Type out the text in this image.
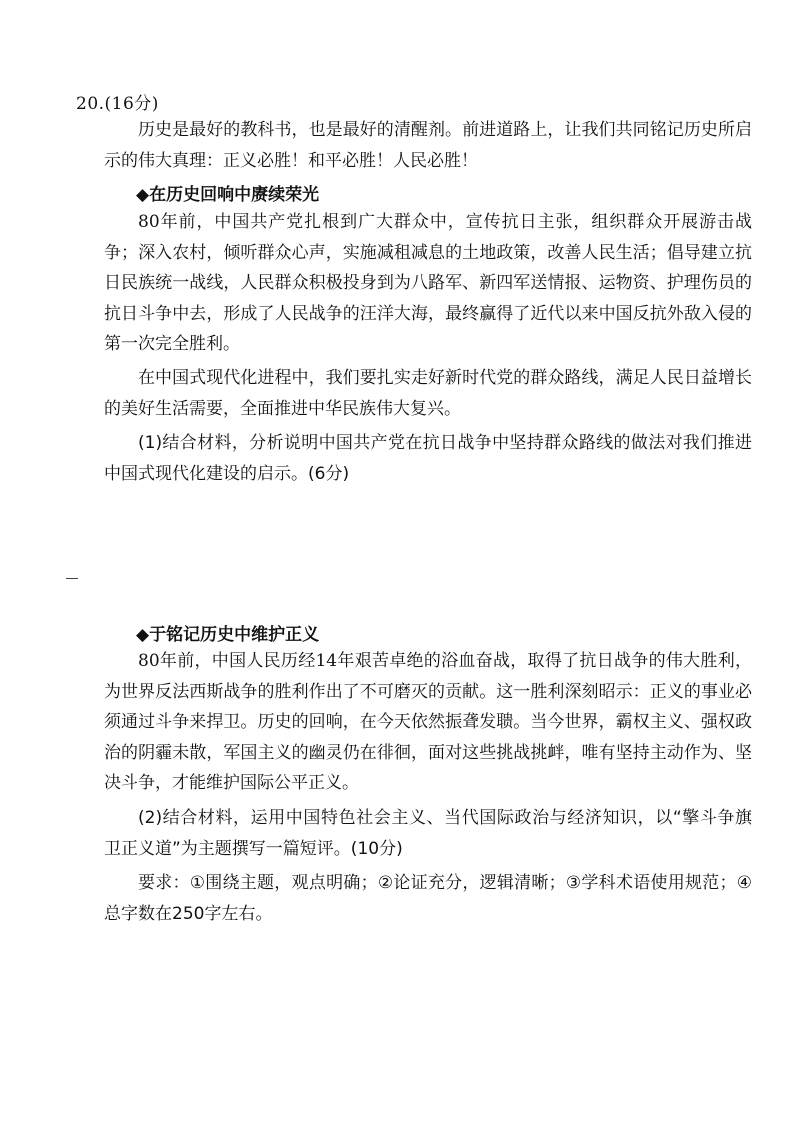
20.(16分)

历史是最好的教科书，也是最好的清醒剂。前进道路上，让我们共同铭记历史所启示的伟大真理：正义必胜！和平必胜！人民必胜！

◆在历史回响中赓续荣光

80年前，中国共产党扎根到广大群众中，宣传抗日主张，组织群众开展游击战争；深入农村，倾听群众心声，实施减租减息的土地政策，改善人民生活；倡导建立抗日民族统一战线，人民群众积极投身到为八路军、新四军送情报、运物资、护理伤员的抗日斗争中去，形成了人民战争的汪洋大海，最终赢得了近代以来中国反抗外敌入侵的第一次完全胜利。

在中国式现代化进程中，我们要扎实走好新时代党的群众路线，满足人民日益增长的美好生活需要，全面推进中华民族伟大复兴。

(1)结合材料，分析说明中国共产党在抗日战争中坚持群众路线的做法对我们推进中国式现代化建设的启示。(6分)

◆于铭记历史中维护正义

80年前，中国人民历经14年艰苦卓绝的浴血奋战，取得了抗日战争的伟大胜利，为世界反法西斯战争的胜利作出了不可磨灭的贡献。这一胜利深刻昭示：正义的事业必须通过斗争来捍卫。历史的回响，在今天依然振聋发聩。当今世界，霸权主义、强权政治的阴霾未散，军国主义的幽灵仍在徘徊，面对这些挑战挑衅，唯有坚持主动作为、坚决斗争，才能维护国际公平正义。

(2)结合材料，运用中国特色社会主义、当代国际政治与经济知识，以“擎斗争旗 卫正义道”为主题撰写一篇短评。(10分)

要求：①围绕主题，观点明确；②论证充分，逻辑清晰；③学科术语使用规范；④总字数在250字左右。
